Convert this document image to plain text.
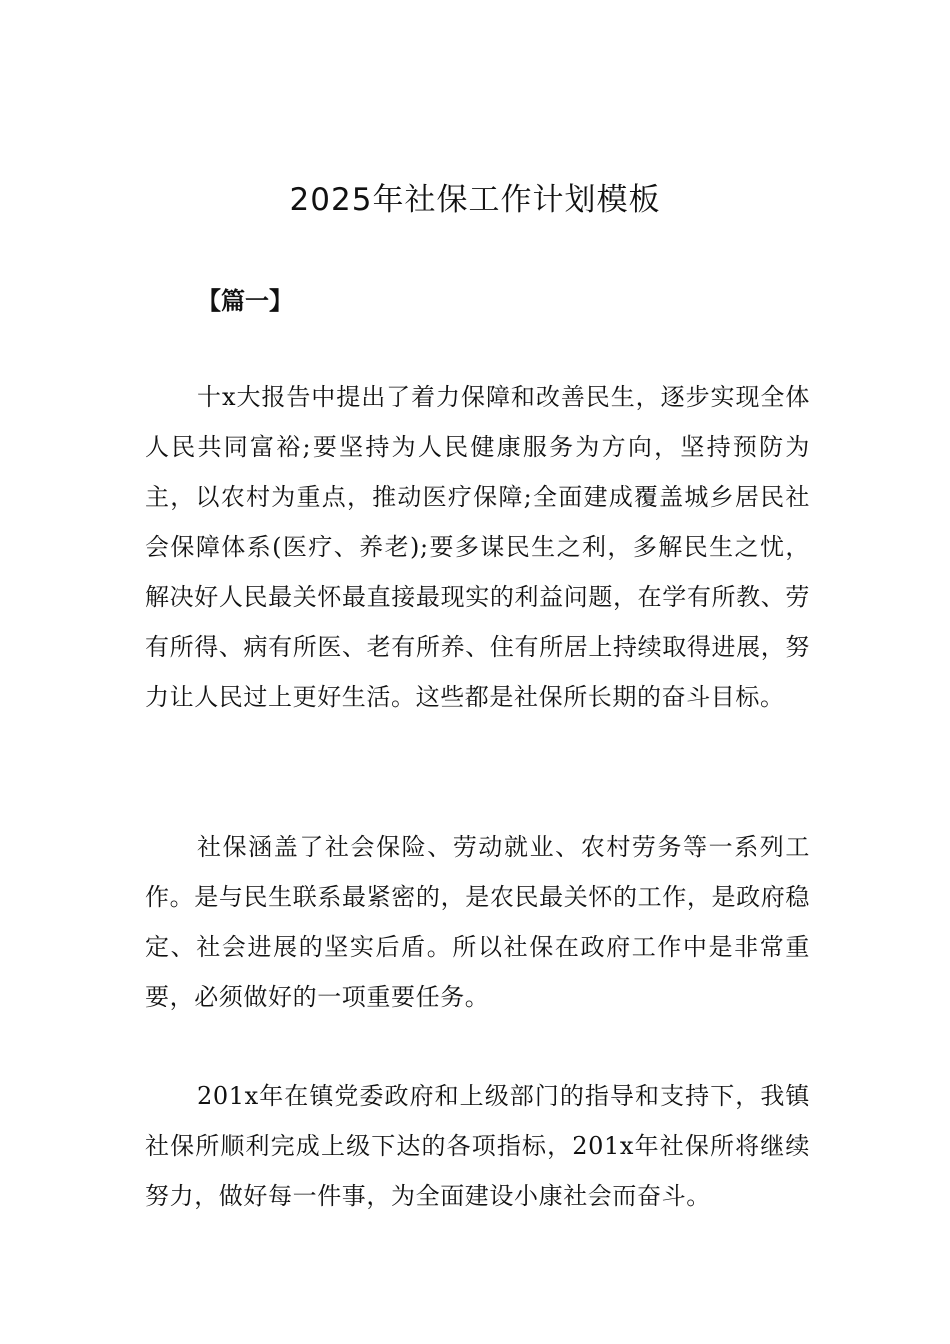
2025年社保工作计划模板
【篇一】

十x大报告中提出了着力保障和改善民生，逐步实现全体人民共同富裕;要坚持为人民健康服务为方向，坚持预防为主，以农村为重点，推动医疗保障;全面建成覆盖城乡居民社会保障体系(医疗、养老);要多谋民生之利，多解民生之忧，解决好人民最关怀最直接最现实的利益问题，在学有所教、劳有所得、病有所医、老有所养、住有所居上持续取得进展，努力让人民过上更好生活。这些都是社保所长期的奋斗目标。

社保涵盖了社会保险、劳动就业、农村劳务等一系列工作。是与民生联系最紧密的，是农民最关怀的工作，是政府稳定、社会进展的坚实后盾。所以社保在政府工作中是非常重要，必须做好的一项重要任务。

201x年在镇党委政府和上级部门的指导和支持下，我镇社保所顺利完成上级下达的各项指标，201x年社保所将继续努力，做好每一件事，为全面建设小康社会而奋斗。
